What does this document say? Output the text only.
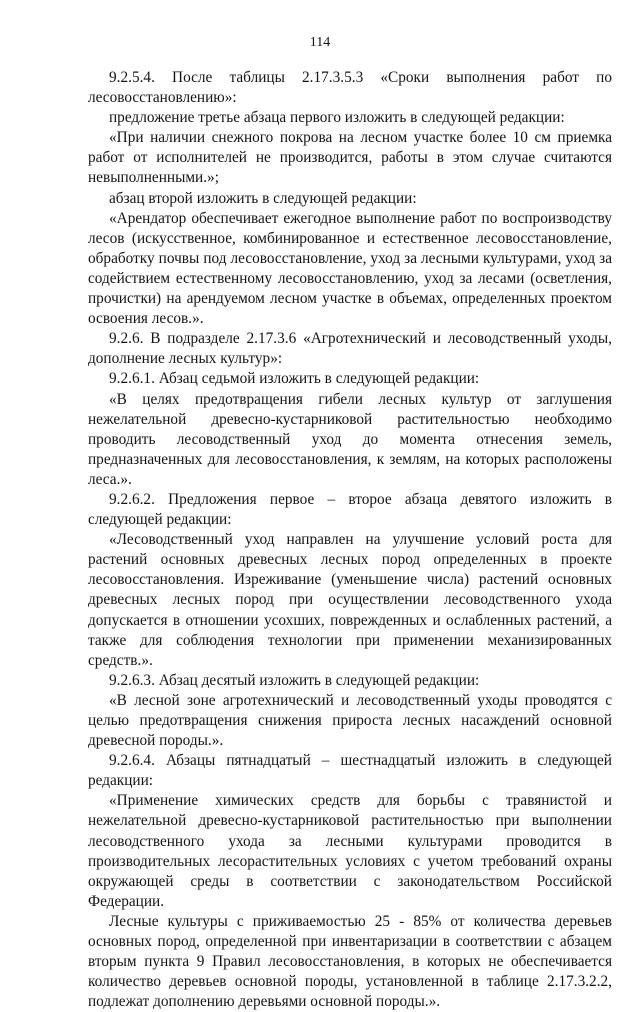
114

9.2.5.4. После таблицы 2.17.3.5.3 «Сроки выполнения работ по лесовосстановлению»:

предложение третье абзаца первого изложить в следующей редакции:

«При наличии снежного покрова на лесном участке более 10 см приемка работ от исполнителей не производится, работы в этом случае считаются невыполненными.»;

абзац второй изложить в следующей редакции:

«Арендатор обеспечивает ежегодное выполнение работ по воспроизводству лесов (искусственное, комбинированное и естественное лесовосстановление, обработку почвы под лесовосстановление, уход за лесными культурами, уход за содействием естественному лесовосстановлению, уход за лесами (осветления, прочистки) на арендуемом лесном участке в объемах, определенных проектом освоения лесов.».

9.2.6. В подразделе 2.17.3.6 «Агротехнический и лесоводственный уходы, дополнение лесных культур»:

9.2.6.1. Абзац седьмой изложить в следующей редакции:

«В целях предотвращения гибели лесных культур от заглушения нежелательной древесно-кустарниковой растительностью необходимо проводить лесоводственный уход до момента отнесения земель, предназначенных для лесовосстановления, к землям, на которых расположены леса.».

9.2.6.2. Предложения первое – второе абзаца девятого изложить в следующей редакции:

«Лесоводственный уход направлен на улучшение условий роста для растений основных древесных лесных пород определенных в проекте лесовосстановления. Изреживание (уменьшение числа) растений основных древесных лесных пород при осуществлении лесоводственного ухода допускается в отношении усохших, поврежденных и ослабленных растений, а также для соблюдения технологии при применении механизированных средств.».

9.2.6.3. Абзац десятый изложить в следующей редакции:

«В лесной зоне агротехнический и лесоводственный уходы проводятся с целью предотвращения снижения прироста лесных насаждений основной древесной породы.».

9.2.6.4. Абзацы пятнадцатый – шестнадцатый изложить в следующей редакции:

«Применение химических средств для борьбы с травянистой и нежелательной древесно-кустарниковой растительностью при выполнении лесоводственного ухода за лесными культурами проводится в производительных лесорастительных условиях с учетом требований охраны окружающей среды в соответствии с законодательством Российской Федерации.

Лесные культуры с приживаемостью 25 - 85% от количества деревьев основных пород, определенной при инвентаризации в соответствии с абзацем вторым пункта 9 Правил лесовосстановления, в которых не обеспечивается количество деревьев основной породы, установленной в таблице 2.17.3.2.2, подлежат дополнению деревьями основной породы.».
